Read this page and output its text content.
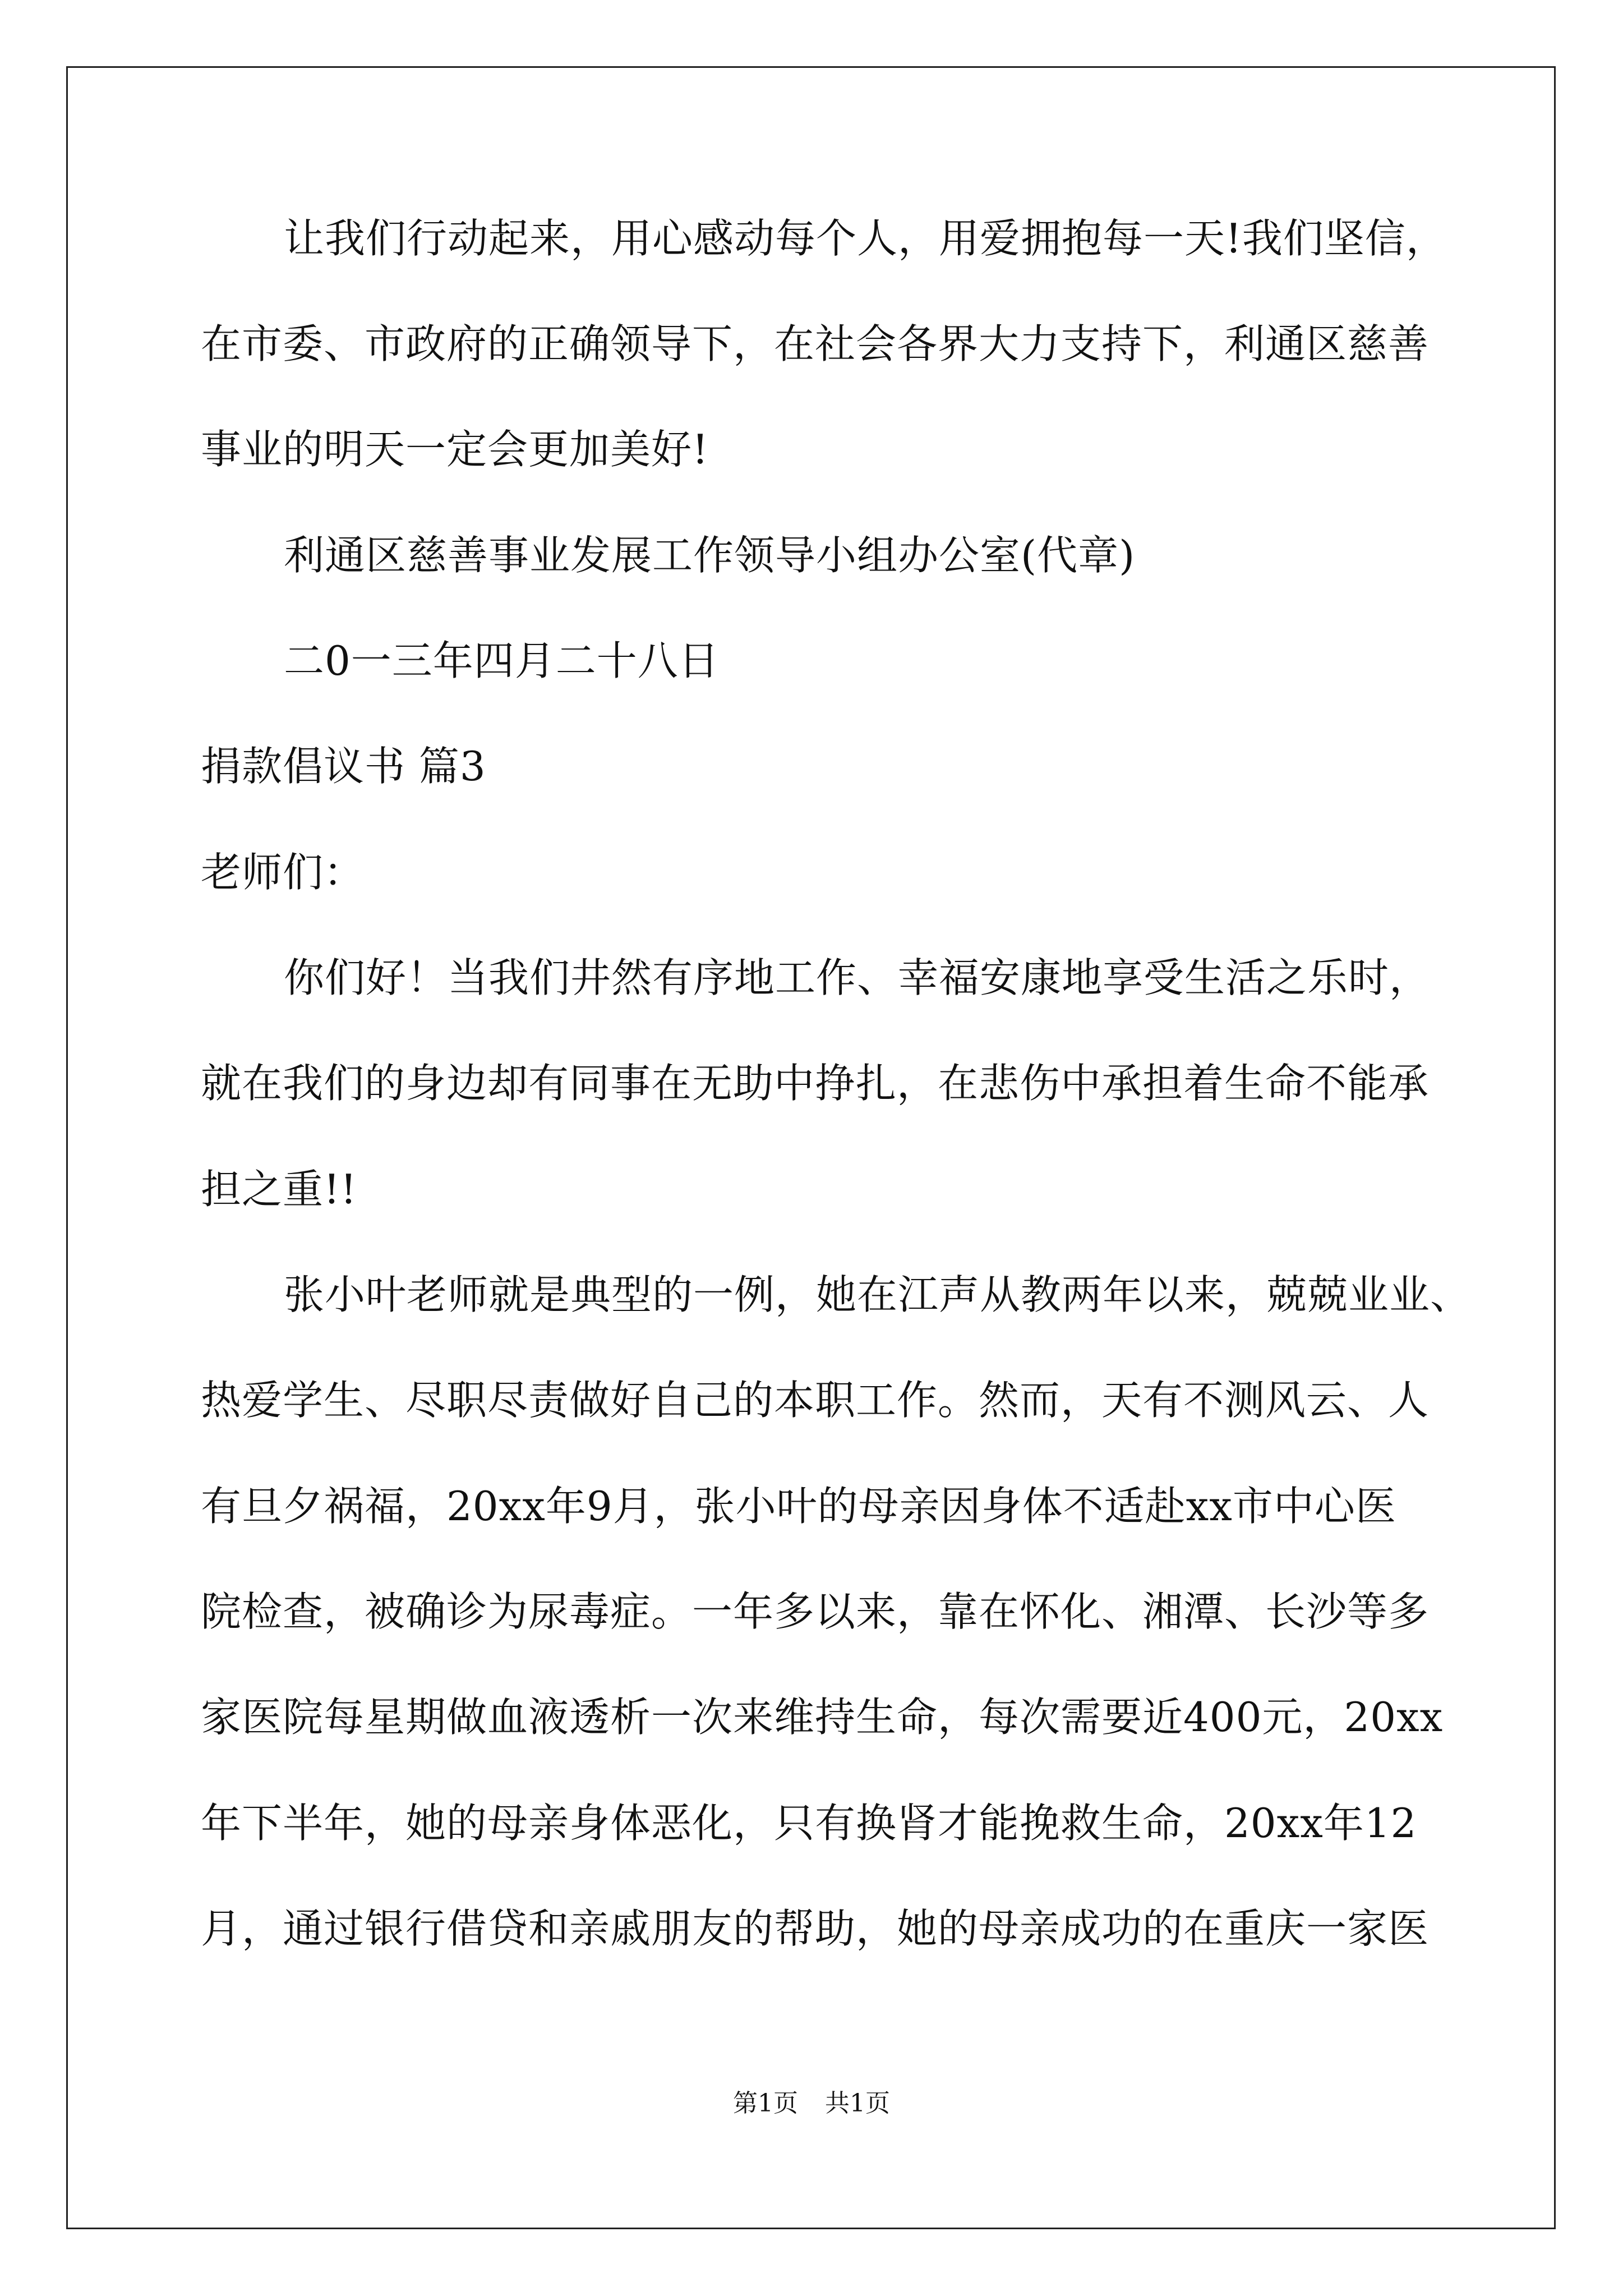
让我们行动起来，用心感动每个人，用爱拥抱每一天!我们坚信，
在市委、市政府的正确领导下，在社会各界大力支持下，利通区慈善
事业的明天一定会更加美好!
利通区慈善事业发展工作领导小组办公室(代章)
二0一三年四月二十八日
捐款倡议书 篇3
老师们：
你们好！当我们井然有序地工作、幸福安康地享受生活之乐时，
就在我们的身边却有同事在无助中挣扎，在悲伤中承担着生命不能承
担之重!!
张小叶老师就是典型的一例，她在江声从教两年以来，兢兢业业、
热爱学生、尽职尽责做好自己的本职工作。然而，天有不测风云、人
有旦夕祸福，20xx年9月，张小叶的母亲因身体不适赴xx市中心医
院检查，被确诊为尿毒症。一年多以来，靠在怀化、湘潭、长沙等多
家医院每星期做血液透析一次来维持生命，每次需要近400元，20xx
年下半年，她的母亲身体恶化，只有换肾才能挽救生命，20xx年12
月，通过银行借贷和亲戚朋友的帮助，她的母亲成功的在重庆一家医
第1页 共1页
